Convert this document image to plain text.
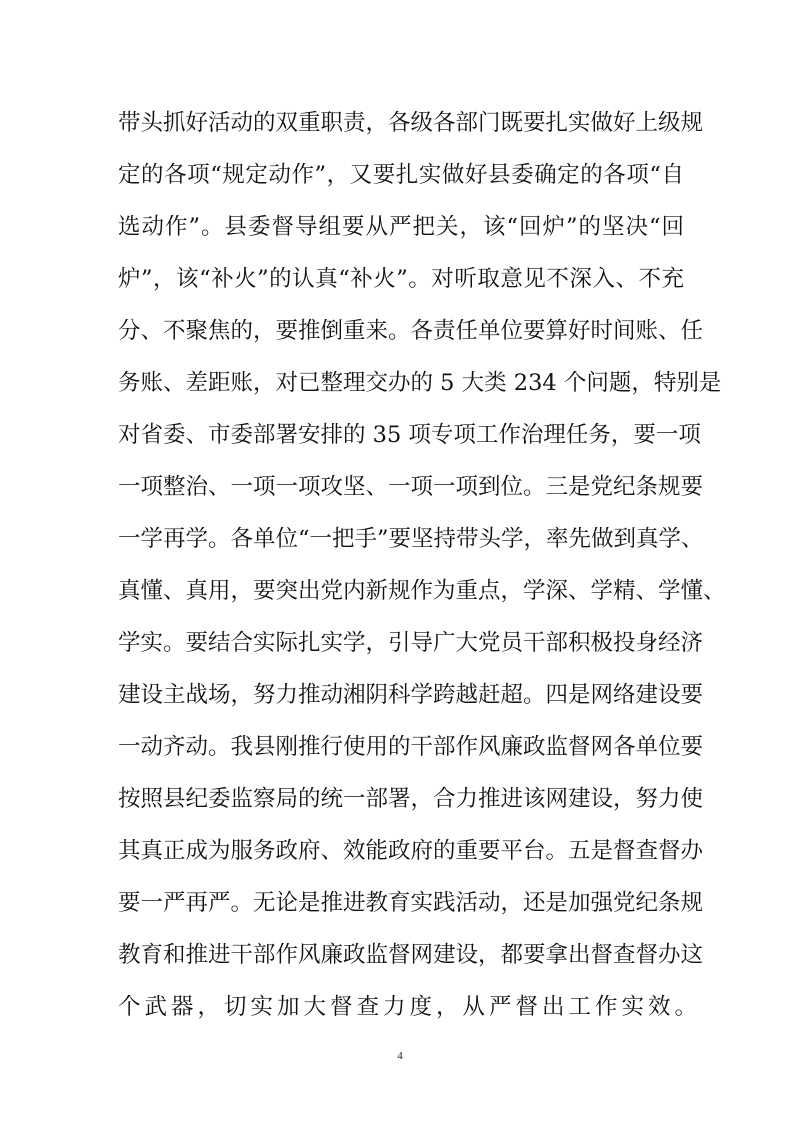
带头抓好活动的双重职责，各级各部门既要扎实做好上级规
定的各项“规定动作”，又要扎实做好县委确定的各项“自
选动作”。县委督导组要从严把关，该“回炉”的坚决“回
炉”，该“补火”的认真“补火”。对听取意见不深入、不充
分、不聚焦的，要推倒重来。各责任单位要算好时间账、任
务账、差距账，对已整理交办的 5 大类 234 个问题，特别是
对省委、市委部署安排的 35 项专项工作治理任务，要一项
一项整治、一项一项攻坚、一项一项到位。三是党纪条规要
一学再学。各单位“一把手”要坚持带头学，率先做到真学、
真懂、真用，要突出党内新规作为重点，学深、学精、学懂、
学实。要结合实际扎实学，引导广大党员干部积极投身经济
建设主战场，努力推动湘阴科学跨越赶超。四是网络建设要
一动齐动。我县刚推行使用的干部作风廉政监督网各单位要
按照县纪委监察局的统一部署，合力推进该网建设，努力使
其真正成为服务政府、效能政府的重要平台。五是督查督办
要一严再严。无论是推进教育实践活动，还是加强党纪条规
教育和推进干部作风廉政监督网建设，都要拿出督查督办这
个武器，切实加大督查力度，从严督出工作实效。
4
